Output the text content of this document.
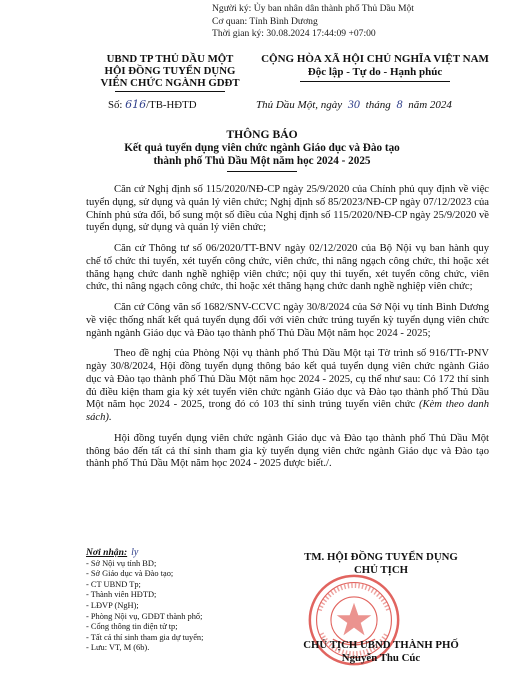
Người ký: Ủy ban nhân dân thành phố Thủ Dầu Một
Cơ quan: Tỉnh Bình Dương
Thời gian ký: 30.08.2024 17:44:09 +07:00
UBND TP THỦ DẦU MỘT
HỘI ĐỒNG TUYỂN DỤNG
VIÊN CHỨC NGÀNH GDĐT
Số: 616/TB-HĐTD
CỘNG HÒA XÃ HỘI CHỦ NGHĨA VIỆT NAM
Độc lập - Tự do - Hạnh phúc
Thủ Dầu Một, ngày 30 tháng 8 năm 2024
THÔNG BÁO
Kết quả tuyển dụng viên chức ngành Giáo dục và Đào tạo
thành phố Thủ Dầu Một năm học 2024 - 2025

Căn cứ Nghị định số 115/2020/NĐ-CP ngày 25/9/2020 của Chính phủ quy định về việc tuyển dụng, sử dụng và quản lý viên chức; Nghị định số 85/2023/NĐ-CP ngày 07/12/2023 của Chính phủ sửa đổi, bổ sung một số điều của Nghị định số 115/2020/NĐ-CP ngày 25/9/2020 về tuyển dụng, sử dụng và quản lý viên chức;

Căn cứ Thông tư số 06/2020/TT-BNV ngày 02/12/2020 của Bộ Nội vụ ban hành quy chế tổ chức thi tuyển, xét tuyển công chức, viên chức, thi nâng ngạch công chức, thi hoặc xét thăng hạng chức danh nghề nghiệp viên chức; nội quy thi tuyển, xét tuyển công chức, viên chức, thi nâng ngạch công chức, thi hoặc xét thăng hạng chức danh nghề nghiệp viên chức;

Căn cứ Công văn số 1682/SNV-CCVC ngày 30/8/2024 của Sở Nội vụ tỉnh Bình Dương về việc thống nhất kết quả tuyển dụng đối với viên chức trúng tuyển kỳ tuyển dụng viên chức ngành ngành Giáo dục và Đào tạo thành phố Thủ Dầu Một năm học 2024 - 2025;

Theo đề nghị của Phòng Nội vụ thành phố Thủ Dầu Một tại Tờ trình số 916/TTr-PNV ngày 30/8/2024, Hội đồng tuyển dụng thông báo kết quả tuyển dụng viên chức ngành Giáo dục và Đào tạo thành phố Thủ Dầu Một năm học 2024 - 2025, cụ thể như sau: Có 172 thí sinh đủ điều kiện tham gia kỳ xét tuyển viên chức ngành Giáo dục và Đào tạo thành phố Thủ Dầu Một năm học 2024 - 2025, trong đó có 103 thí sinh trúng tuyển viên chức (Kèm theo danh sách).

Hội đồng tuyển dụng viên chức ngành Giáo dục và Đào tạo thành phố Thủ Dầu Một thông báo đến tất cả thí sinh tham gia kỳ tuyển dụng viên chức ngành Giáo dục và Đào tạo thành phố Thủ Dầu Một năm học 2024 - 2025 được biết./.

Nơi nhận: ly
- Sở Nội vụ tỉnh BD;
- Sở Giáo dục và Đào tạo;
- CT UBND Tp;
- Thành viên HĐTD;
- LĐVP (NgH);
- Phòng Nội vụ, GDĐT thành phố;
- Cổng thông tin điện tử tp;
- Tất cả thí sinh tham gia dự tuyển;
- Lưu: VT, M (6b).
TM. HỘI ĐỒNG TUYỂN DỤNG
CHỦ TỊCH
CHỦ TỊCH UBND THÀNH PHỐ
Nguyễn Thu Cúc
